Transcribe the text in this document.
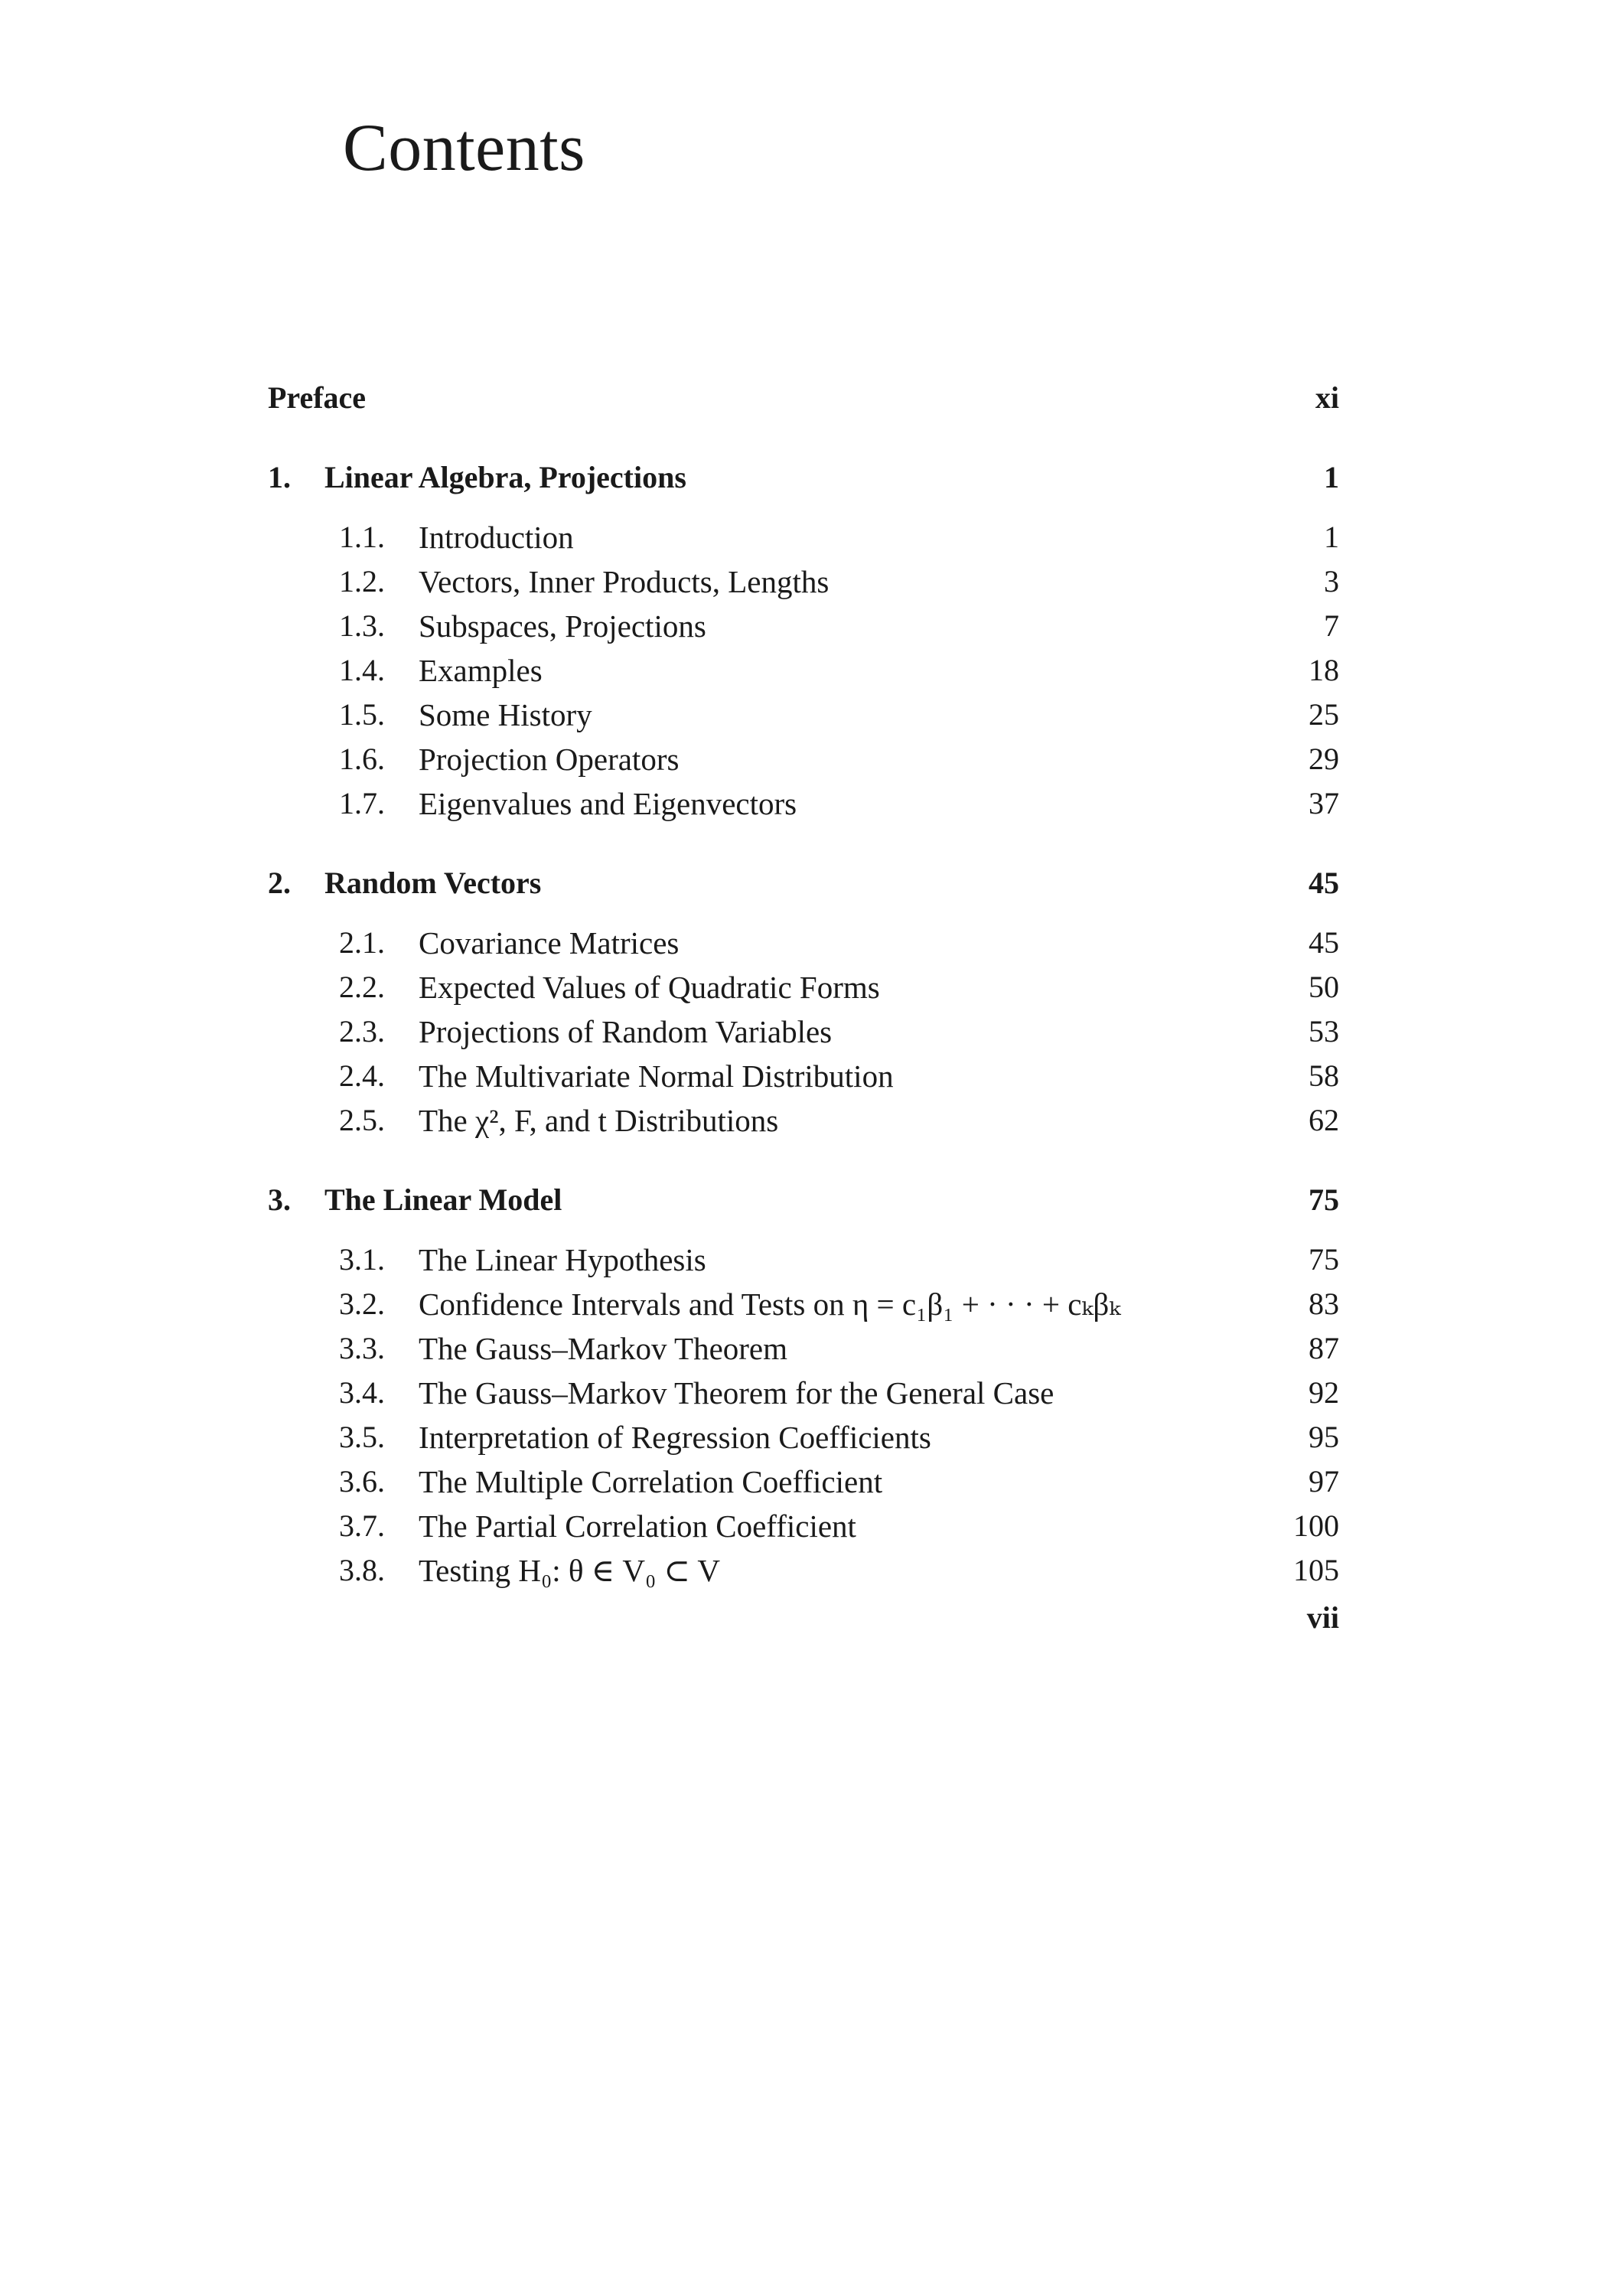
Contents
Preface	xi
1. Linear Algebra, Projections	1
1.1. Introduction	1
1.2. Vectors, Inner Products, Lengths	3
1.3. Subspaces, Projections	7
1.4. Examples	18
1.5. Some History	25
1.6. Projection Operators	29
1.7. Eigenvalues and Eigenvectors	37
2. Random Vectors	45
2.1. Covariance Matrices	45
2.2. Expected Values of Quadratic Forms	50
2.3. Projections of Random Variables	53
2.4. The Multivariate Normal Distribution	58
2.5. The χ², F, and t Distributions	62
3. The Linear Model	75
3.1. The Linear Hypothesis	75
3.2. Confidence Intervals and Tests on η = c₁β₁ + · · · + cₖβₖ	83
3.3. The Gauss–Markov Theorem	87
3.4. The Gauss–Markov Theorem for the General Case	92
3.5. Interpretation of Regression Coefficients	95
3.6. The Multiple Correlation Coefficient	97
3.7. The Partial Correlation Coefficient	100
3.8. Testing H₀: θ ∈ V₀ ⊂ V	105
vii
